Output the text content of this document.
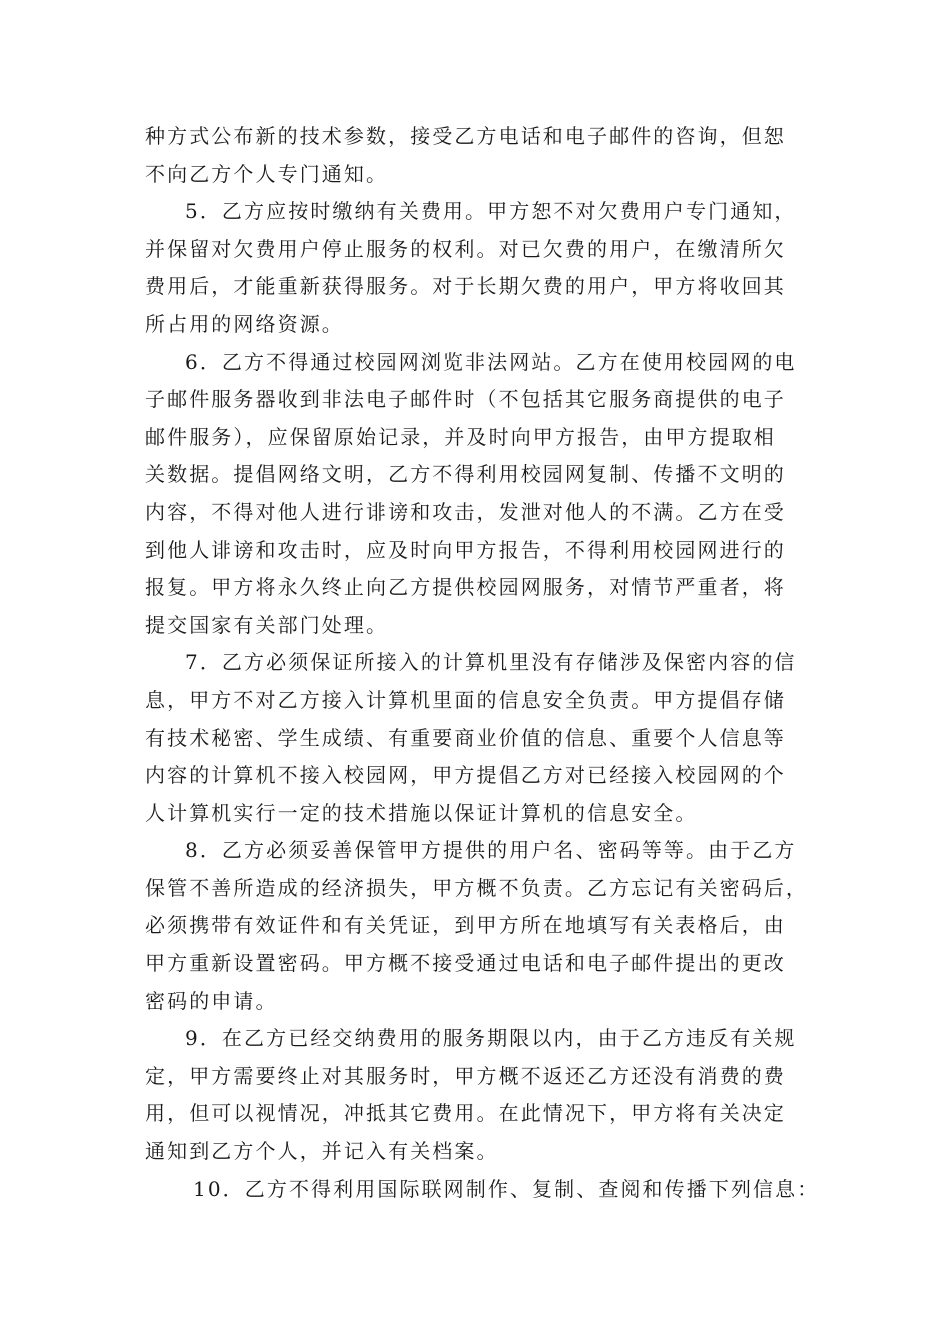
种方式公布新的技术参数，接受乙方电话和电子邮件的咨询，但恕
不向乙方个人专门通知。
5．乙方应按时缴纳有关费用。甲方恕不对欠费用户专门通知，
并保留对欠费用户停止服务的权利。对已欠费的用户，在缴清所欠
费用后，才能重新获得服务。对于长期欠费的用户，甲方将收回其
所占用的网络资源。
6．乙方不得通过校园网浏览非法网站。乙方在使用校园网的电
子邮件服务器收到非法电子邮件时（不包括其它服务商提供的电子
邮件服务），应保留原始记录，并及时向甲方报告，由甲方提取相
关数据。提倡网络文明，乙方不得利用校园网复制、传播不文明的
内容，不得对他人进行诽谤和攻击，发泄对他人的不满。乙方在受
到他人诽谤和攻击时，应及时向甲方报告，不得利用校园网进行的
报复。甲方将永久终止向乙方提供校园网服务，对情节严重者，将
提交国家有关部门处理。
7．乙方必须保证所接入的计算机里没有存储涉及保密内容的信
息，甲方不对乙方接入计算机里面的信息安全负责。甲方提倡存储
有技术秘密、学生成绩、有重要商业价值的信息、重要个人信息等
内容的计算机不接入校园网，甲方提倡乙方对已经接入校园网的个
人计算机实行一定的技术措施以保证计算机的信息安全。
8．乙方必须妥善保管甲方提供的用户名、密码等等。由于乙方
保管不善所造成的经济损失，甲方概不负责。乙方忘记有关密码后，
必须携带有效证件和有关凭证，到甲方所在地填写有关表格后，由
甲方重新设置密码。甲方概不接受通过电话和电子邮件提出的更改
密码的申请。
9．在乙方已经交纳费用的服务期限以内，由于乙方违反有关规
定，甲方需要终止对其服务时，甲方概不返还乙方还没有消费的费
用，但可以视情况，冲抵其它费用。在此情况下，甲方将有关决定
通知到乙方个人，并记入有关档案。
10．乙方不得利用国际联网制作、复制、查阅和传播下列信息：
